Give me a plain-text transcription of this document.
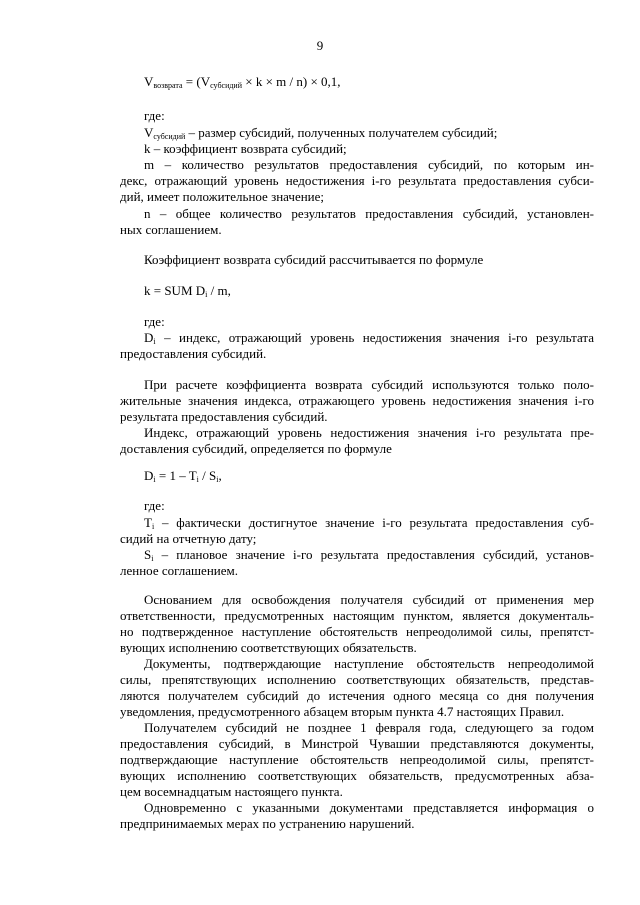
9
$V_{возврата} = (V_{субсидий} \times k \times m / n) \times 0,1$,
где:
$V_{субсидий}$ – размер субсидий, полученных получателем субсидий;
k – коэффициент возврата субсидий;
m – количество результатов предоставления субсидий, по которым ин-
декс, отражающий уровень недостижения i-го результата предоставления субси-
дий, имеет положительное значение;
n – общее количество результатов предоставления субсидий, установлен-
ных соглашением.
Коэффициент возврата субсидий рассчитывается по формуле
k = SUM $D_i$ / m,
где:
$D_i$ – индекс, отражающий уровень недостижения значения i-го результата
предоставления субсидий.
При расчете коэффициента возврата субсидий используются только поло-
жительные значения индекса, отражающего уровень недостижения значения i-го
результата предоставления субсидий.
Индекс, отражающий уровень недостижения значения i-го результата пре-
доставления субсидий, определяется по формуле
$D_i = 1 - T_i / S_i$,
где:
$T_i$ – фактически достигнутое значение i-го результата предоставления суб-
сидий на отчетную дату;
$S_i$ – плановое значение i-го результата предоставления субсидий, установ-
ленное соглашением.
Основанием для освобождения получателя субсидий от применения мер
ответственности, предусмотренных настоящим пунктом, является документаль-
но подтвержденное наступление обстоятельств непреодолимой силы, препятст-
вующих исполнению соответствующих обязательств.
Документы, подтверждающие наступление обстоятельств непреодолимой
силы, препятствующих исполнению соответствующих обязательств, представ-
ляются получателем субсидий до истечения одного месяца со дня получения
уведомления, предусмотренного абзацем вторым пункта 4.7 настоящих Правил.
Получателем субсидий не позднее 1 февраля года, следующего за годом
предоставления субсидий, в Минстрой Чувашии представляются документы,
подтверждающие наступление обстоятельств непреодолимой силы, препятст-
вующих исполнению соответствующих обязательств, предусмотренных абза-
цем восемнадцатым настоящего пункта.
Одновременно с указанными документами представляется информация о
предпринимаемых мерах по устранению нарушений.
